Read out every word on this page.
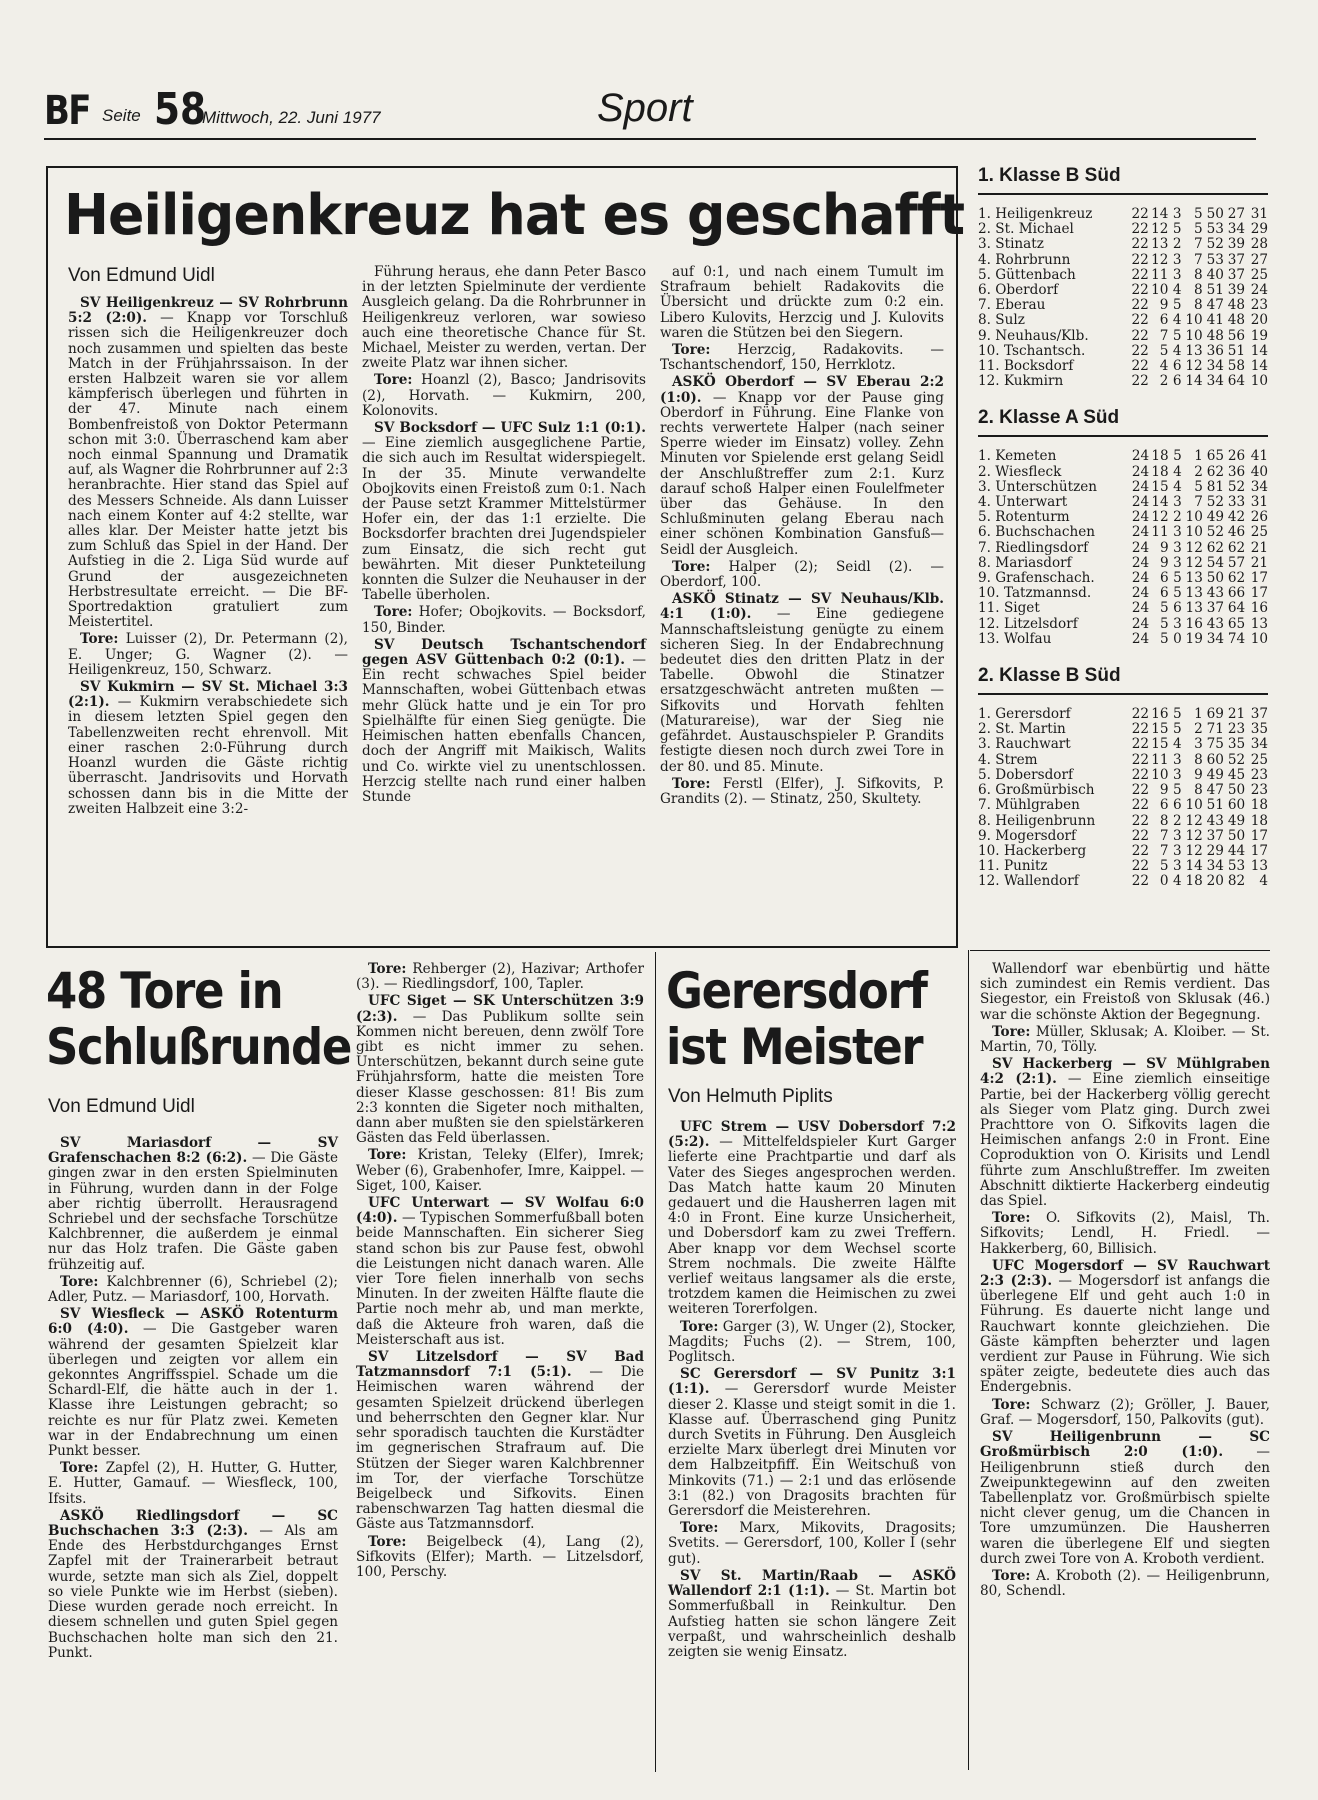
BF Seite 58
Mittwoch, 22. Juni 1977	Sport
Heiligenkreuz hat es geschafft
Von Edmund Uidl

SV Heiligenkreuz — SV Rohrbrunn 5:2 (2:0). — Knapp vor Torschluß rissen sich die Heiligenkreuzer doch noch zusammen und spielten das beste Match in der Frühjahrssaison. In der ersten Halbzeit waren sie vor allem kämpferisch überlegen und führten in der 47. Minute nach einem Bombenfreistoß von Doktor Petermann schon mit 3:0. Überraschend kam aber noch einmal Spannung und Dramatik auf, als Wagner die Rohrbrunner auf 2:3 heranbrachte. Hier stand das Spiel auf des Messers Schneide. Als dann Luisser nach einem Konter auf 4:2 stellte, war alles klar. Der Meister hatte jetzt bis zum Schluß das Spiel in der Hand. Der Aufstieg in die 2. Liga Süd wurde auf Grund der ausgezeichneten Herbstresultate erreicht. — Die BF-Sportredaktion gratuliert zum Meistertitel.

Tore: Luisser (2), Dr. Petermann (2), E. Unger; G. Wagner (2). — Heiligenkreuz, 150, Schwarz.

SV Kukmirn — SV St. Michael 3:3 (2:1). — Kukmirn verabschiedete sich in diesem letzten Spiel gegen den Tabellenzweiten recht ehrenvoll. Mit einer raschen 2:0-Führung durch Hoanzl wurden die Gäste richtig überrascht. Jandrisovits und Horvath schossen dann bis in die Mitte der zweiten Halbzeit eine 3:2-

Führung heraus, ehe dann Peter Basco in der letzten Spielminute der verdiente Ausgleich gelang. Da die Rohrbrunner in Heiligenkreuz verloren, war sowieso auch eine theoretische Chance für St. Michael, Meister zu werden, vertan. Der zweite Platz war ihnen sicher.

Tore: Hoanzl (2), Basco; Jandrisovits (2), Horvath. — Kukmirn, 200, Kolonovits.

SV Bocksdorf — UFC Sulz 1:1 (0:1). — Eine ziemlich ausgeglichene Partie, die sich auch im Resultat widerspiegelt. In der 35. Minute verwandelte Obojkovits einen Freistoß zum 0:1. Nach der Pause setzt Krammer Mittelstürmer Hofer ein, der das 1:1 erzielte. Die Bocksdorfer brachten drei Jugendspieler zum Einsatz, die sich recht gut bewährten. Mit dieser Punkteteilung konnten die Sulzer die Neuhauser in der Tabelle überholen.

Tore: Hofer; Obojkovits. — Bocksdorf, 150, Binder.

SV Deutsch Tschantschendorf gegen ASV Güttenbach 0:2 (0:1). — Ein recht schwaches Spiel beider Mannschaften, wobei Güttenbach etwas mehr Glück hatte und je ein Tor pro Spielhälfte für einen Sieg genügte. Die Heimischen hatten ebenfalls Chancen, doch der Angriff mit Maikisch, Walits und Co. wirkte viel zu unentschlossen. Herzcig stellte nach rund einer halben Stunde

auf 0:1, und nach einem Tumult im Strafraum behielt Radakovits die Übersicht und drückte zum 0:2 ein. Libero Kulovits, Herzcig und J. Kulovits waren die Stützen bei den Siegern.

Tore: Herzcig, Radakovits. — Tschantschendorf, 150, Herrklotz.

ASKÖ Oberdorf — SV Eberau 2:2 (1:0). — Knapp vor der Pause ging Oberdorf in Führung. Eine Flanke von rechts verwertete Halper (nach seiner Sperre wieder im Einsatz) volley. Zehn Minuten vor Spielende erst gelang Seidl der Anschlußtreffer zum 2:1. Kurz darauf schoß Halper einen Foulelfmeter über das Gehäuse. In den Schlußminuten gelang Eberau nach einer schönen Kombination Gansfuß—Seidl der Ausgleich.

Tore: Halper (2); Seidl (2). — Oberdorf, 100.

ASKÖ Stinatz — SV Neuhaus/Klb. 4:1 (1:0). — Eine gediegene Mannschaftsleistung genügte zu einem sicheren Sieg. In der Endabrechnung bedeutet dies den dritten Platz in der Tabelle. Obwohl die Stinatzer ersatzgeschwächt antreten mußten — Sifkovits und Horvath fehlten (Maturareise), war der Sieg nie gefährdet. Austauschspieler P. Grandits festigte diesen noch durch zwei Tore in der 80. und 85. Minute.

Tore: Ferstl (Elfer), J. Sifkovits, P. Grandits (2). — Stinatz, 250, Skultety.

1. Klasse B Süd
1. Heiligenkreuz	22	14	3	5	50	27	31
2. St. Michael	22	12	5	5	53	34	29
3. Stinatz	22	13	2	7	52	39	28
4. Rohrbrunn	22	12	3	7	53	37	27
5. Güttenbach	22	11	3	8	40	37	25
6. Oberdorf	22	10	4	8	51	39	24
7. Eberau	22	9	5	8	47	48	23
8. Sulz	22	6	4	10	41	48	20
9. Neuhaus/Klb.	22	7	5	10	48	56	19
10. Tschantsch.	22	5	4	13	36	51	14
11. Bocksdorf	22	4	6	12	34	58	14
12. Kukmirn	22	2	6	14	34	64	10
2. Klasse A Süd
1. Kemeten	24	18	5	1	65	26	41
2. Wiesfleck	24	18	4	2	62	36	40
3. Unterschützen	24	15	4	5	81	52	34
4. Unterwart	24	14	3	7	52	33	31
5. Rotenturm	24	12	2	10	49	42	26
6. Buchschachen	24	11	3	10	52	46	25
7. Riedlingsdorf	24	9	3	12	62	62	21
8. Mariasdorf	24	9	3	12	54	57	21
9. Grafenschach.	24	6	5	13	50	62	17
10. Tatzmannsd.	24	6	5	13	43	66	17
11. Siget	24	5	6	13	37	64	16
12. Litzelsdorf	24	5	3	16	43	65	13
13. Wolfau	24	5	0	19	34	74	10
2. Klasse B Süd
1. Gerersdorf	22	16	5	1	69	21	37
2. St. Martin	22	15	5	2	71	23	35
3. Rauchwart	22	15	4	3	75	35	34
4. Strem	22	11	3	8	60	52	25
5. Dobersdorf	22	10	3	9	49	45	23
6. Großmürbisch	22	9	5	8	47	50	23
7. Mühlgraben	22	6	6	10	51	60	18
8. Heiligenbrunn	22	8	2	12	43	49	18
9. Mogersdorf	22	7	3	12	37	50	17
10. Hackerberg	22	7	3	12	29	44	17
11. Punitz	22	5	3	14	34	53	13
12. Wallendorf	22	0	4	18	20	82	4
48 Tore in
Schlußrunde
Von Edmund Uidl

SV Mariasdorf — SV Grafenschachen 8:2 (6:2). — Die Gäste gingen zwar in den ersten Spielminuten in Führung, wurden dann in der Folge aber richtig überrollt. Herausragend Schriebel und der sechsfache Torschütze Kalchbrenner, die außerdem je einmal nur das Holz trafen. Die Gäste gaben frühzeitig auf.

Tore: Kalchbrenner (6), Schriebel (2); Adler, Putz. — Mariasdorf, 100, Horvath.

SV Wiesfleck — ASKÖ Rotenturm 6:0 (4:0). — Die Gastgeber waren während der gesamten Spielzeit klar überlegen und zeigten vor allem ein gekonntes Angriffsspiel. Schade um die Schardl-Elf, die hätte auch in der 1. Klasse ihre Leistungen gebracht; so reichte es nur für Platz zwei. Kemeten war in der Endabrechnung um einen Punkt besser.

Tore: Zapfel (2), H. Hutter, G. Hutter, E. Hutter, Gamauf. — Wiesfleck, 100, Ifsits.

ASKÖ Riedlingsdorf — SC Buchschachen 3:3 (2:3). — Als am Ende des Herbstdurchganges Ernst Zapfel mit der Trainerarbeit betraut wurde, setzte man sich als Ziel, doppelt so viele Punkte wie im Herbst (sieben). Diese wurden gerade noch erreicht. In diesem schnellen und guten Spiel gegen Buchschachen holte man sich den 21. Punkt.

Tore: Rehberger (2), Hazivar; Arthofer (3). — Riedlingsdorf, 100, Tapler.

UFC Siget — SK Unterschützen 3:9 (2:3). — Das Publikum sollte sein Kommen nicht bereuen, denn zwölf Tore gibt es nicht immer zu sehen. Unterschützen, bekannt durch seine gute Frühjahrsform, hatte die meisten Tore dieser Klasse geschossen: 81! Bis zum 2:3 konnten die Sigeter noch mithalten, dann aber mußten sie den spielstärkeren Gästen das Feld überlassen.

Tore: Kristan, Teleky (Elfer), Imrek; Weber (6), Grabenhofer, Imre, Kaippel. — Siget, 100, Kaiser.

UFC Unterwart — SV Wolfau 6:0 (4:0). — Typischen Sommerfußball boten beide Mannschaften. Ein sicherer Sieg stand schon bis zur Pause fest, obwohl die Leistungen nicht danach waren. Alle vier Tore fielen innerhalb von sechs Minuten. In der zweiten Hälfte flaute die Partie noch mehr ab, und man merkte, daß die Akteure froh waren, daß die Meisterschaft aus ist.

SV Litzelsdorf — SV Bad Tatzmannsdorf 7:1 (5:1). — Die Heimischen waren während der gesamten Spielzeit drückend überlegen und beherrschten den Gegner klar. Nur sehr sporadisch tauchten die Kurstädter im gegnerischen Strafraum auf. Die Stützen der Sieger waren Kalchbrenner im Tor, der vierfache Torschütze Beigelbeck und Sifkovits. Einen rabenschwarzen Tag hatten diesmal die Gäste aus Tatzmannsdorf.

Tore: Beigelbeck (4), Lang (2), Sifkovits (Elfer); Marth. — Litzelsdorf, 100, Perschy.

Gerersdorf
ist Meister
Von Helmuth Piplits

UFC Strem — USV Dobersdorf 7:2 (5:2). — Mittelfeldspieler Kurt Garger lieferte eine Prachtpartie und darf als Vater des Sieges angesprochen werden. Das Match hatte kaum 20 Minuten gedauert und die Hausherren lagen mit 4:0 in Front. Eine kurze Unsicherheit, und Dobersdorf kam zu zwei Treffern. Aber knapp vor dem Wechsel scorte Strem nochmals. Die zweite Hälfte verlief weitaus langsamer als die erste, trotzdem kamen die Heimischen zu zwei weiteren Torerfolgen.

Tore: Garger (3), W. Unger (2), Stocker, Magdits; Fuchs (2). — Strem, 100, Poglitsch.

SC Gerersdorf — SV Punitz 3:1 (1:1). — Gerersdorf wurde Meister dieser 2. Klasse und steigt somit in die 1. Klasse auf. Überraschend ging Punitz durch Svetits in Führung. Den Ausgleich erzielte Marx überlegt drei Minuten vor dem Halbzeitpfiff. Ein Weitschuß von Minkovits (71.) — 2:1 und das erlösende 3:1 (82.) von Dragosits brachten für Gerersdorf die Meisterehren.

Tore: Marx, Mikovits, Dragosits; Svetits. — Gerersdorf, 100, Koller I (sehr gut).

SV St. Martin/Raab — ASKÖ Wallendorf 2:1 (1:1). — St. Martin bot Sommerfußball in Reinkultur. Den Aufstieg hatten sie schon längere Zeit verpaßt, und wahrscheinlich deshalb zeigten sie wenig Einsatz.

Wallendorf war ebenbürtig und hätte sich zumindest ein Remis verdient. Das Siegestor, ein Freistoß von Sklusak (46.) war die schönste Aktion der Begegnung.

Tore: Müller, Sklusak; A. Kloiber. — St. Martin, 70, Tölly.

SV Hackerberg — SV Mühlgraben 4:2 (2:1). — Eine ziemlich einseitige Partie, bei der Hackerberg völlig gerecht als Sieger vom Platz ging. Durch zwei Prachttore von O. Sifkovits lagen die Heimischen anfangs 2:0 in Front. Eine Coproduktion von O. Kirisits und Lendl führte zum Anschlußtreffer. Im zweiten Abschnitt diktierte Hackerberg eindeutig das Spiel.

Tore: O. Sifkovits (2), Maisl, Th. Sifkovits; Lendl, H. Friedl. — Hakkerberg, 60, Billisich.

UFC Mogersdorf — SV Rauchwart 2:3 (2:3). — Mogersdorf ist anfangs die überlegene Elf und geht auch 1:0 in Führung. Es dauerte nicht lange und Rauchwart konnte gleichziehen. Die Gäste kämpften beherzter und lagen verdient zur Pause in Führung. Wie sich später zeigte, bedeutete dies auch das Endergebnis.

Tore: Schwarz (2); Gröller, J. Bauer, Graf. — Mogersdorf, 150, Palkovits (gut).

SV Heiligenbrunn — SC Großmürbisch 2:0 (1:0). — Heiligenbrunn stieß durch den Zweipunktegewinn auf den zweiten Tabellenplatz vor. Großmürbisch spielte nicht clever genug, um die Chancen in Tore umzumünzen. Die Hausherren waren die überlegene Elf und siegten durch zwei Tore von A. Kroboth verdient.

Tore: A. Kroboth (2). — Heiligenbrunn, 80, Schendl.
